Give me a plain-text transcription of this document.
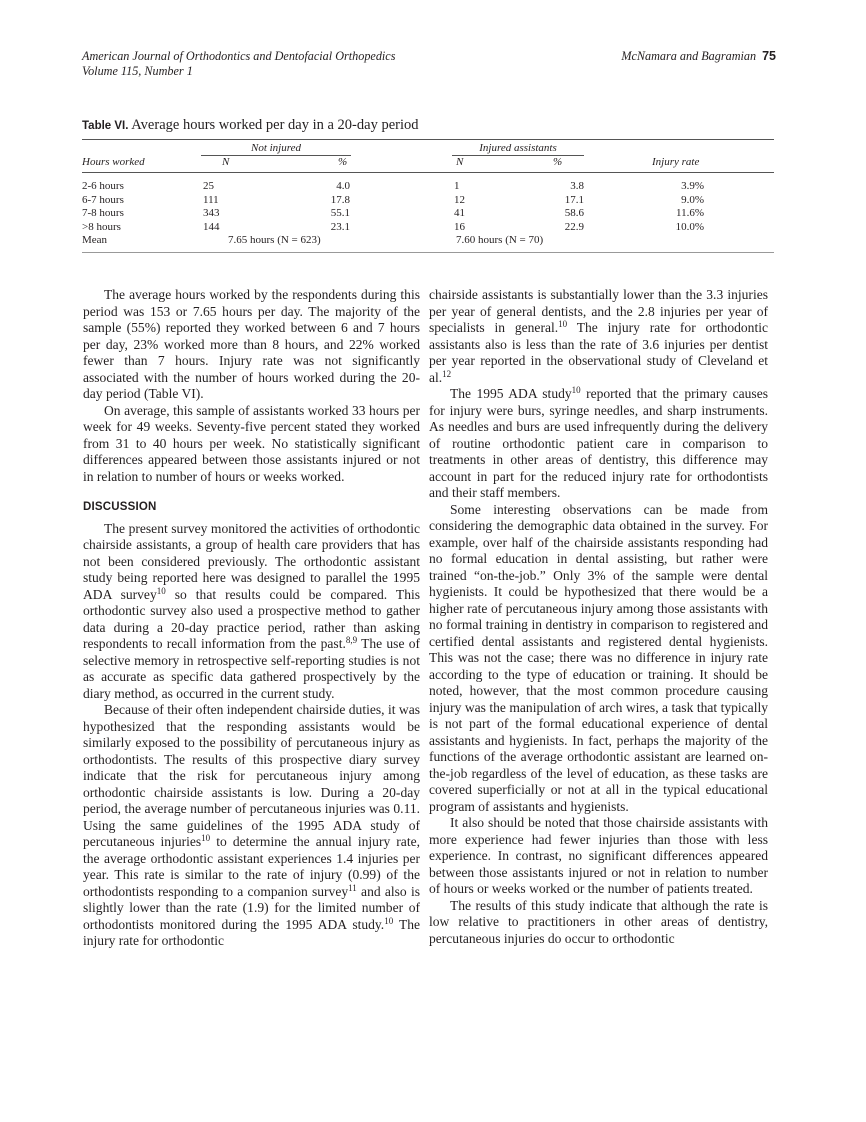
American Journal of Orthodontics and Dentofacial Orthopedics
Volume 115, Number 1
McNamara and Bagramian 75
Table VI. Average hours worked per day in a 20-day period
Not injured	Injured assistants
Hours worked	N	%	N	%	Injury rate
2-6 hours	25	4.0	1	3.8	3.9%
6-7 hours	111	17.8	12	17.1	9.0%
7-8 hours	343	55.1	41	58.6	11.6%
>8 hours	144	23.1	16	22.9	10.0%
Mean	7.65 hours (N = 623)	7.60 hours (N = 70)

The average hours worked by the respondents during this period was 153 or 7.65 hours per day. The majority of the sample (55%) reported they worked between 6 and 7 hours per day, 23% worked more than 8 hours, and 22% worked fewer than 7 hours. Injury rate was not significantly associated with the number of hours worked during the 20-day period (Table VI).

On average, this sample of assistants worked 33 hours per week for 49 weeks. Seventy-five percent stated they worked from 31 to 40 hours per week. No statistically significant differences appeared between those assistants injured or not in relation to number of hours or weeks worked.

DISCUSSION

The present survey monitored the activities of orthodontic chairside assistants, a group of health care providers that has not been considered previously. The orthodontic assistant study being reported here was designed to parallel the 1995 ADA survey$^{10}$ so that results could be compared. This orthodontic survey also used a prospective method to gather data during a 20-day practice period, rather than asking respondents to recall information from the past.$^{8,9}$ The use of selective memory in retrospective self-reporting studies is not as accurate as specific data gathered prospectively by the diary method, as occurred in the current study.

Because of their often independent chairside duties, it was hypothesized that the responding assistants would be similarly exposed to the possibility of percutaneous injury as orthodontists. The results of this prospective diary survey indicate that the risk for percutaneous injury among orthodontic chairside assistants is low. During a 20-day period, the average number of percutaneous injuries was 0.11. Using the same guidelines of the 1995 ADA study of percutaneous injuries$^{10}$ to determine the annual injury rate, the average orthodontic assistant experiences 1.4 injuries per year. This rate is similar to the rate of injury (0.99) of the orthodontists responding to a companion survey$^{11}$ and also is slightly lower than the rate (1.9) for the limited number of orthodontists monitored during the 1995 ADA study.$^{10}$ The injury rate for orthodontic

chairside assistants is substantially lower than the 3.3 injuries per year of general dentists, and the 2.8 injuries per year of specialists in general.$^{10}$ The injury rate for orthodontic assistants also is less than the rate of 3.6 injuries per dentist per year reported in the observational study of Cleveland et al.$^{12}$

The 1995 ADA study$^{10}$ reported that the primary causes for injury were burs, syringe needles, and sharp instruments. As needles and burs are used infrequently during the delivery of routine orthodontic patient care in comparison to treatments in other areas of dentistry, this difference may account in part for the reduced injury rate for orthodontists and their staff members.

Some interesting observations can be made from considering the demographic data obtained in the survey. For example, over half of the chairside assistants responding had no formal education in dental assisting, but rather were trained “on-the-job.” Only 3% of the sample were dental hygienists. It could be hypothesized that there would be a higher rate of percutaneous injury among those assistants with no formal training in dentistry in comparison to registered and certified dental assistants and registered dental hygienists. This was not the case; there was no difference in injury rate according to the type of education or training. It should be noted, however, that the most common procedure causing injury was the manipulation of arch wires, a task that typically is not part of the formal educational experience of dental assistants and hygienists. In fact, perhaps the majority of the functions of the average orthodontic assistant are learned on-the-job regardless of the level of education, as these tasks are covered superficially or not at all in the typical educational program of assistants and hygienists.

It also should be noted that those chairside assistants with more experience had fewer injuries than those with less experience. In contrast, no significant differences appeared between those assistants injured or not in relation to number of hours or weeks worked or the number of patients treated.

The results of this study indicate that although the rate is low relative to practitioners in other areas of dentistry, percutaneous injuries do occur to orthodontic
